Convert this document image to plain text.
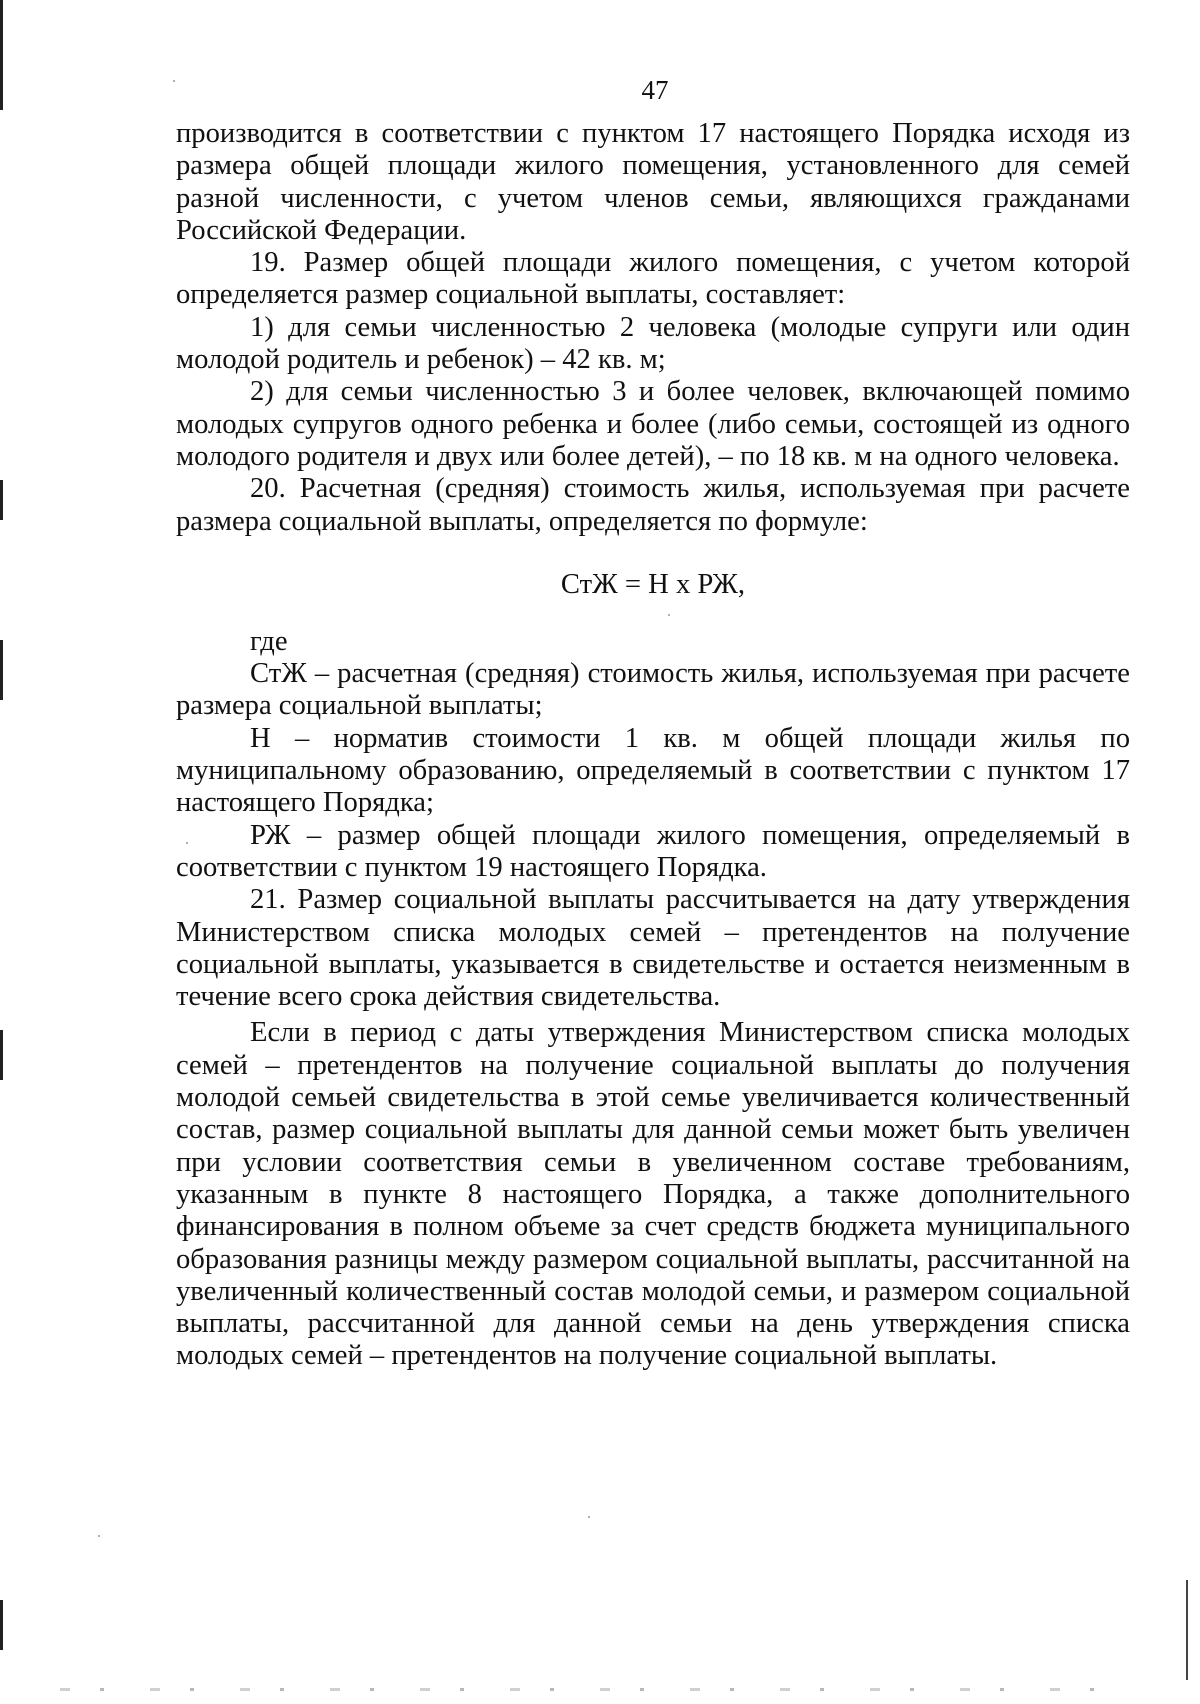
47

производится в соответствии с пунктом 17 настоящего Порядка исходя из размера общей площади жилого помещения, установленного для семей разной численности, с учетом членов семьи, являющихся гражданами Российской Федерации.

19. Размер общей площади жилого помещения, с учетом которой определяется размер социальной выплаты, составляет:

1) для семьи численностью 2 человека (молодые супруги или один молодой родитель и ребенок) – 42 кв. м;

2) для семьи численностью 3 и более человек, включающей помимо молодых супругов одного ребенка и более (либо семьи, состоящей из одного молодого родителя и двух или более детей), – по 18 кв. м на одного человека.

20. Расчетная (средняя) стоимость жилья, используемая при расчете размера социальной выплаты, определяется по формуле:

СтЖ = Н х РЖ,

где

СтЖ – расчетная (средняя) стоимость жилья, используемая при расчете размера социальной выплаты;

Н – норматив стоимости 1 кв. м общей площади жилья по муниципальному образованию, определяемый в соответствии с пунктом 17 настоящего Порядка;

РЖ – размер общей площади жилого помещения, определяемый в соответствии с пунктом 19 настоящего Порядка.

21. Размер социальной выплаты рассчитывается на дату утверждения Министерством списка молодых семей – претендентов на получение социальной выплаты, указывается в свидетельстве и остается неизменным в течение всего срока действия свидетельства.

Если в период с даты утверждения Министерством списка молодых семей – претендентов на получение социальной выплаты до получения молодой семьей свидетельства в этой семье увеличивается количественный состав, размер социальной выплаты для данной семьи может быть увеличен при условии соответствия семьи в увеличенном составе требованиям, указанным в пункте 8 настоящего Порядка, а также дополнительного финансирования в полном объеме за счет средств бюджета муниципального образования разницы между размером социальной выплаты, рассчитанной на увеличенный количественный состав молодой семьи, и размером социальной выплаты, рассчитанной для данной семьи на день утверждения списка молодых семей – претендентов на получение социальной выплаты.
